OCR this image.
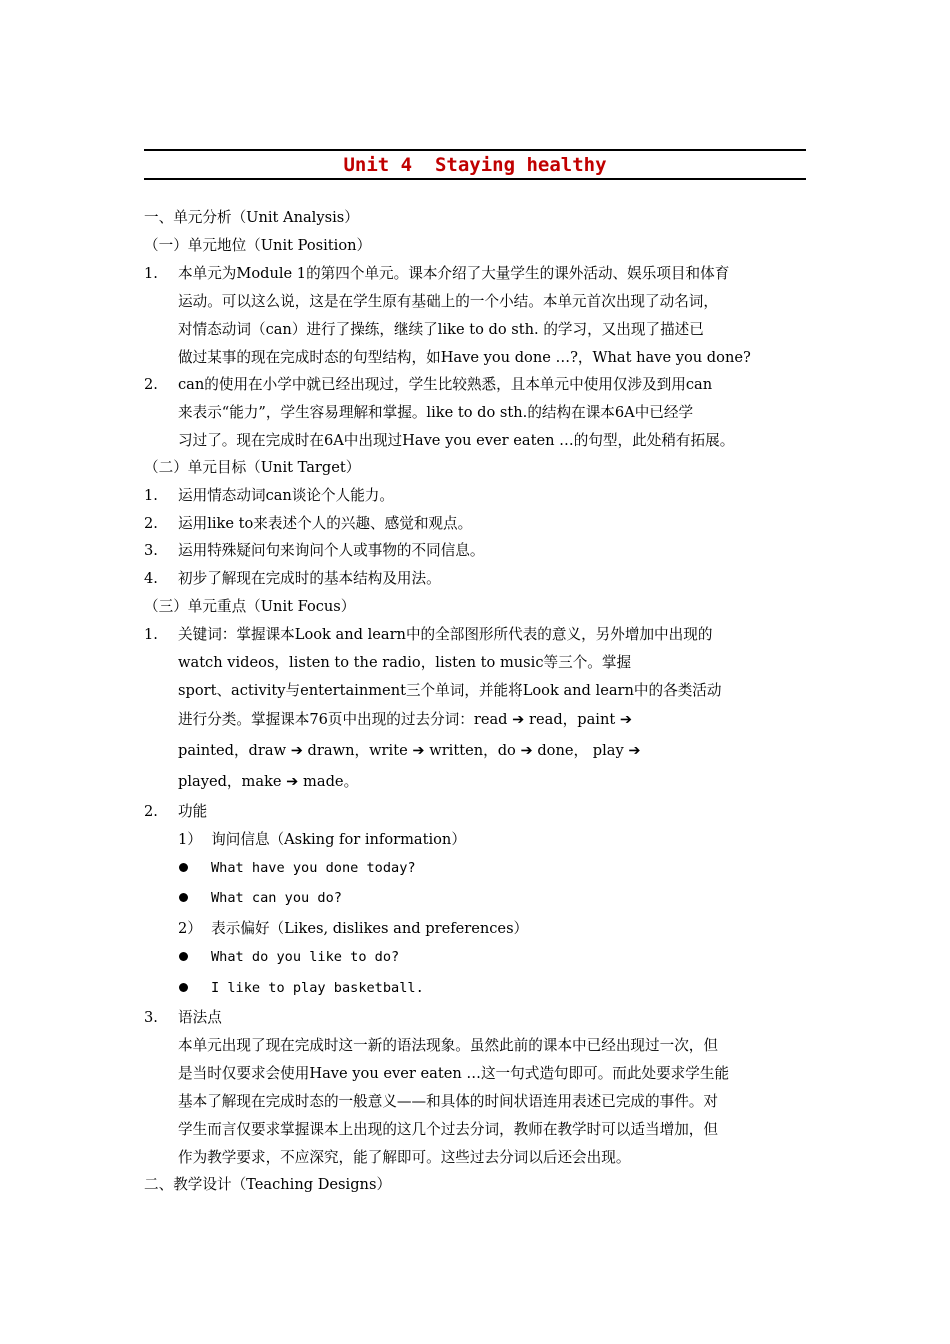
Unit 4  Staying healthy
一、单元分析（Unit Analysis）
（一）单元地位（Unit Position）
1. 本单元为Module 1的第四个单元。课本介绍了大量学生的课外活动、娱乐项目和体育
运动。可以这么说，这是在学生原有基础上的一个小结。本单元首次出现了动名词，
对情态动词（can）进行了操练，继续了like to do sth. 的学习，又出现了描述已
做过某事的现在完成时态的句型结构，如Have you done …?，What have you done?
2. can的使用在小学中就已经出现过，学生比较熟悉，且本单元中使用仅涉及到用can
来表示“能力”，学生容易理解和掌握。like to do sth.的结构在课本6A中已经学
习过了。现在完成时在6A中出现过Have you ever eaten …的句型，此处稍有拓展。
（二）单元目标（Unit Target）
1. 运用情态动词can谈论个人能力。
2. 运用like to来表述个人的兴趣、感觉和观点。
3. 运用特殊疑问句来询问个人或事物的不同信息。
4. 初步了解现在完成时的基本结构及用法。
（三）单元重点（Unit Focus）
1. 关键词：掌握课本Look and learn中的全部图形所代表的意义，另外增加中出现的
watch videos，listen to the radio，listen to music等三个。掌握
sport、activity与entertainment三个单词，并能将Look and learn中的各类活动
进行分类。掌握课本76页中出现的过去分词：read ➔ read，paint ➔
painted，draw ➔ drawn，write ➔ written，do ➔ done， play ➔
played，make ➔ made。
2. 功能
1）  询问信息（Asking for information）
What have you done today?
What can you do?
2）  表示偏好（Likes, dislikes and preferences）
What do you like to do?
I like to play basketball.
3. 语法点
本单元出现了现在完成时这一新的语法现象。虽然此前的课本中已经出现过一次，但
是当时仅要求会使用Have you ever eaten …这一句式造句即可。而此处要求学生能
基本了解现在完成时态的一般意义——和具体的时间状语连用表述已完成的事件。对
学生而言仅要求掌握课本上出现的这几个过去分词，教师在教学时可以适当增加，但
作为教学要求，不应深究，能了解即可。这些过去分词以后还会出现。
二、教学设计（Teaching Designs）
